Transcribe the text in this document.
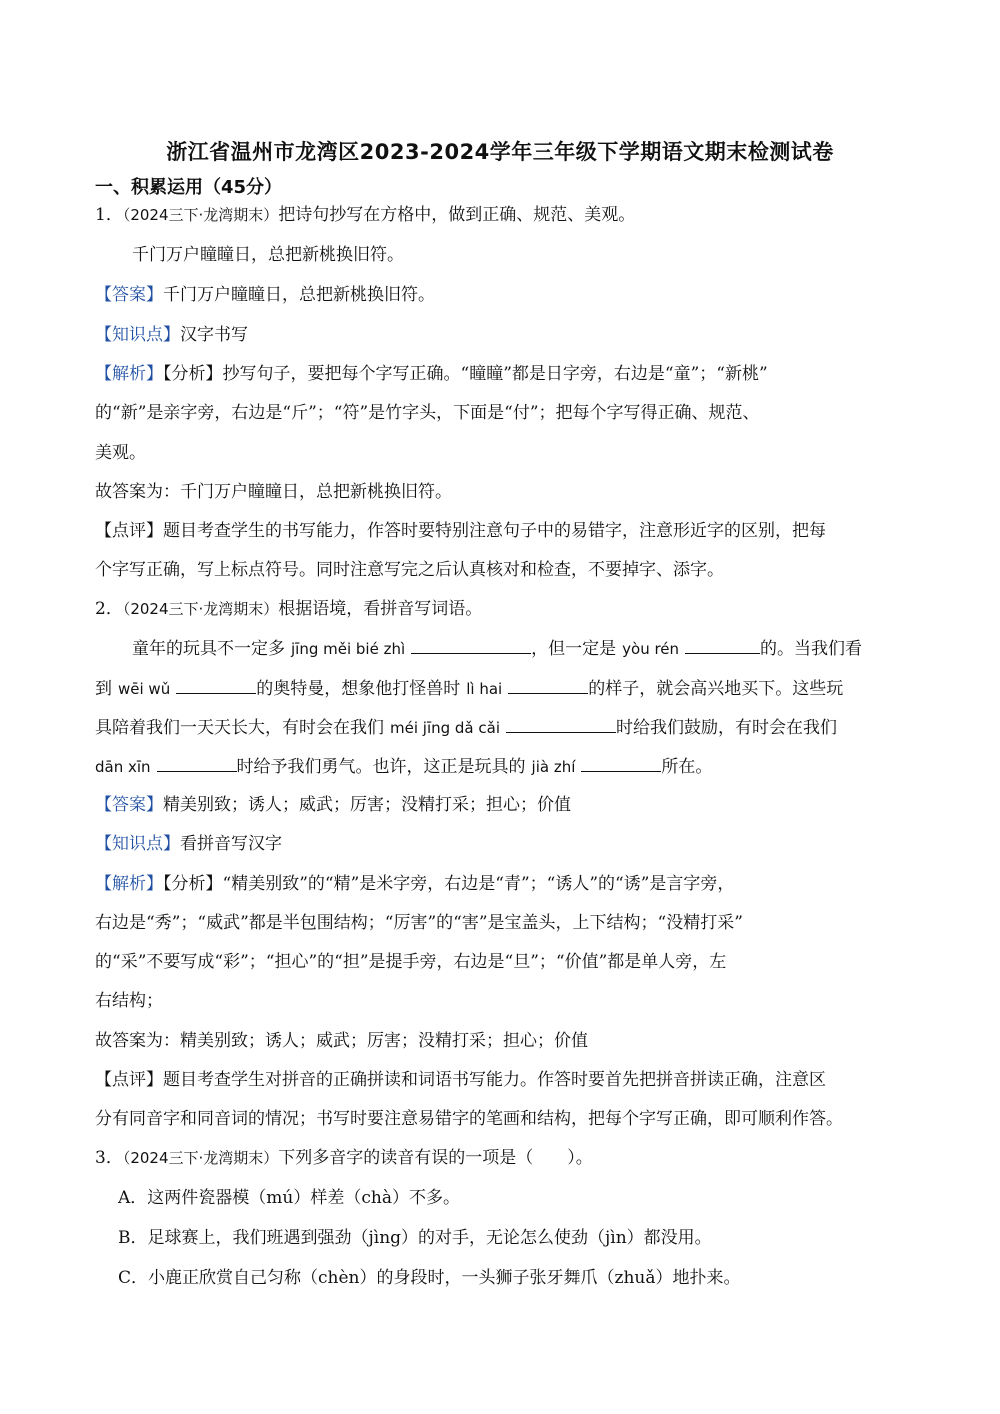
浙江省温州市龙湾区2023-2024学年三年级下学期语文期末检测试卷
一、积累运用（45分）
1．（2024三下·龙湾期末）把诗句抄写在方格中，做到正确、规范、美观。
千门万户瞳瞳日，总把新桃换旧符。
【答案】千门万户瞳瞳日，总把新桃换旧符。
【知识点】汉字书写
【解析】【分析】抄写句子，要把每个字写正确。“瞳瞳”都是日字旁，右边是“童”；“新桃”
的“新”是亲字旁，右边是“斤”；“符”是竹字头，下面是“付”；把每个字写得正确、规范、
美观。
故答案为：千门万户瞳瞳日，总把新桃换旧符。
【点评】题目考查学生的书写能力，作答时要特别注意句子中的易错字，注意形近字的区别，把每
个字写正确，写上标点符号。同时注意写完之后认真核对和检查，不要掉字、添字。
2．（2024三下·龙湾期末）根据语境，看拼音写词语。
童年的玩具不一定多 jīng měi bié zhì	，但一定是 yòu rén	的。当我们看
到 wēi wǔ	的奥特曼，想象他打怪兽时 lì hai	的样子，就会高兴地买下。这些玩
具陪着我们一天天长大，有时会在我们 méi jīng dǎ cǎi	时给我们鼓励，有时会在我们
dān xīn	时给予我们勇气。也许，这正是玩具的 jià zhí	所在。
【答案】精美别致；诱人；威武；厉害；没精打采；担心；价值
【知识点】看拼音写汉字
【解析】【分析】“精美别致”的“精”是米字旁，右边是“青”；“诱人”的“诱”是言字旁，
右边是“秀”；“威武”都是半包围结构；“厉害”的“害”是宝盖头，上下结构；“没精打采”
的“采”不要写成“彩”；“担心”的“担”是提手旁，右边是“旦”；“价值”都是单人旁，左
右结构；
故答案为：精美别致；诱人；威武；厉害；没精打采；担心；价值
【点评】题目考查学生对拼音的正确拼读和词语书写能力。作答时要首先把拼音拼读正确，注意区
分有同音字和同音词的情况；书写时要注意易错字的笔画和结构，把每个字写正确，即可顺利作答。
3．（2024三下·龙湾期末）下列多音字的读音有误的一项是（　　）。
A．这两件瓷器模（mú）样差（chà）不多。
B．足球赛上，我们班遇到强劲（jìng）的对手，无论怎么使劲（jìn）都没用。
C．小鹿正欣赏自己匀称（chèn）的身段时，一头狮子张牙舞爪（zhuǎ）地扑来。
